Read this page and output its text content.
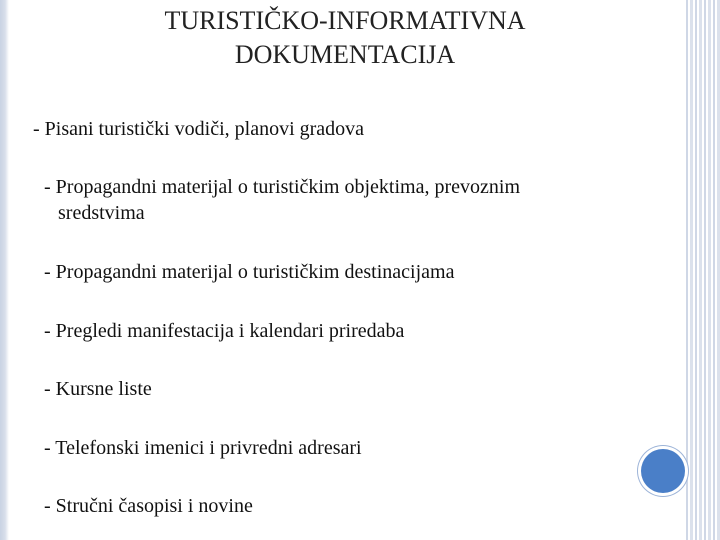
TURISTIČKO-INFORMATIVNA
DOKUMENTACIJA
- Pisani turistički vodiči, planovi gradova
- Propagandni materijal o turističkim objektima, prevoznim
sredstvima
- Propagandni materijal o turističkim destinacijama
- Pregledi manifestacija i kalendari priredaba
- Kursne liste
- Telefonski imenici i privredni adresari
- Stručni časopisi i novine
